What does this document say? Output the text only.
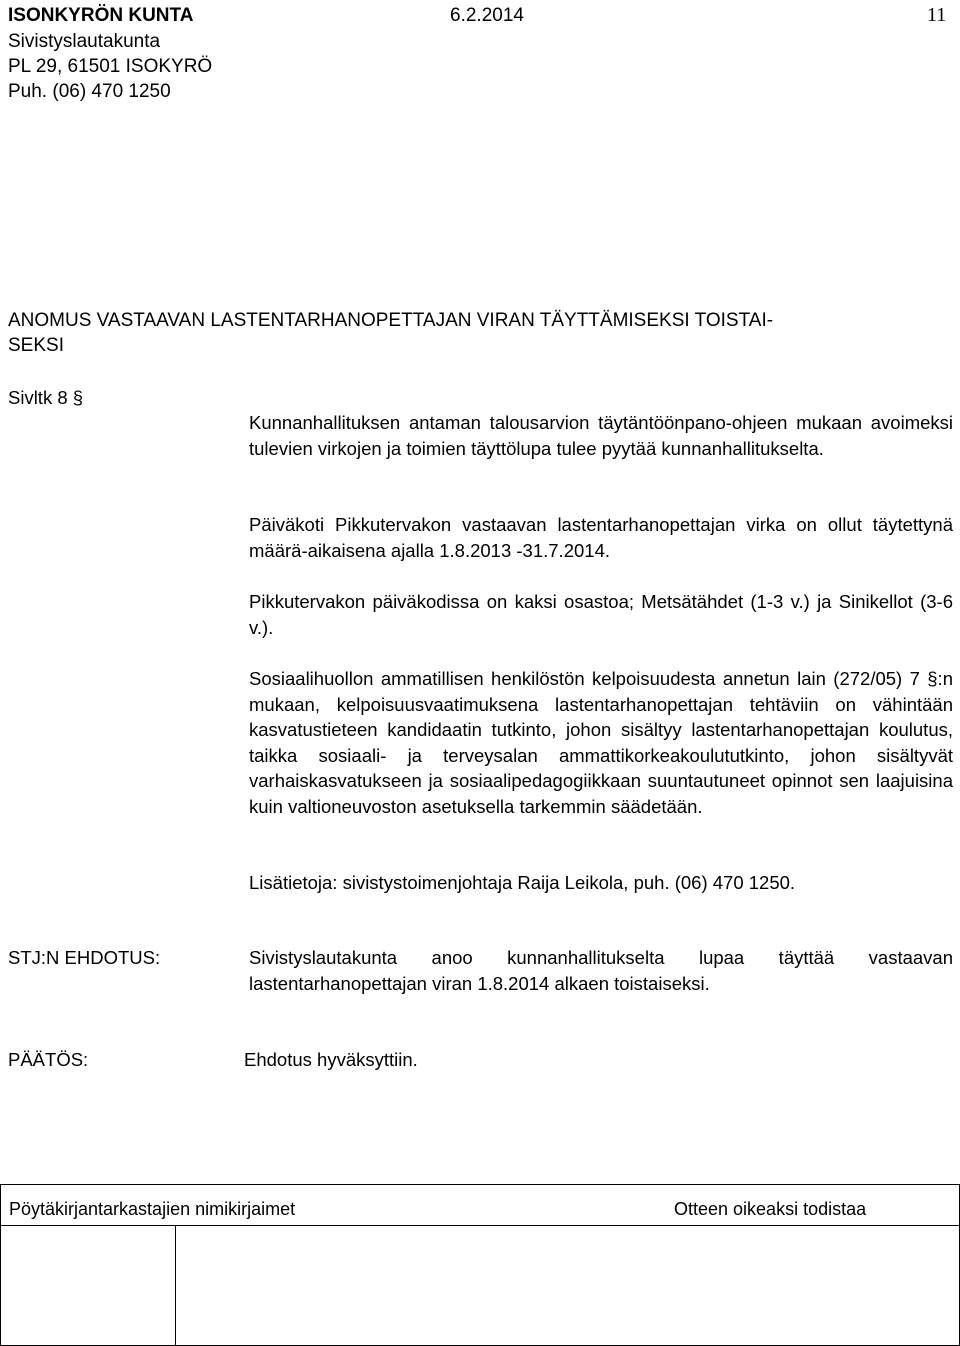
ISONKYRÖN KUNTA	6.2.2014	11
Sivistyslautakunta
PL 29, 61501 ISOKYRÖ
Puh. (06) 470 1250
ANOMUS VASTAAVAN LASTENTARHANOPETTAJAN VIRAN TÄYTTÄMISEKSI TOISTAI-
SEKSI
Sivltk 8 §
Kunnanhallituksen antaman talousarvion täytäntöönpano-ohjeen mukaan avoimeksi tulevien virkojen ja toimien täyttölupa tulee pyytää kunnanhallitukselta.
Päiväkoti Pikkutervakon vastaavan lastentarhanopettajan virka on ollut täytettynä määrä-aikaisena ajalla 1.8.2013 -31.7.2014.
Pikkutervakon päiväkodissa on kaksi osastoa; Metsätähdet (1-3 v.) ja Sinikellot (3-6 v.).
Sosiaalihuollon ammatillisen henkilöstön kelpoisuudesta annetun lain (272/05) 7 §:n mukaan, kelpoisuusvaatimuksena lastentarhanopettajan tehtäviin on vähintään kasvatustieteen kandidaatin tutkinto, johon sisältyy lastentarhanopettajan koulutus, taikka sosiaali- ja terveysalan ammattikorkeakoulututkinto, johon sisältyvät varhaiskasvatukseen ja sosiaalipedagogiikkaan suuntautuneet opinnot sen laajuisina kuin valtioneuvoston asetuksella tarkemmin säädetään.
Lisätietoja: sivistystoimenjohtaja Raija Leikola, puh. (06) 470 1250.
STJ:N EHDOTUS:	Sivistyslautakunta anoo kunnanhallitukselta lupaa täyttää vastaavan lastentarhanopettajan viran 1.8.2014 alkaen toistaiseksi.
PÄÄTÖS:	Ehdotus hyväksyttiin.
Pöytäkirjantarkastajien nimikirjaimet	Otteen oikeaksi todistaa
